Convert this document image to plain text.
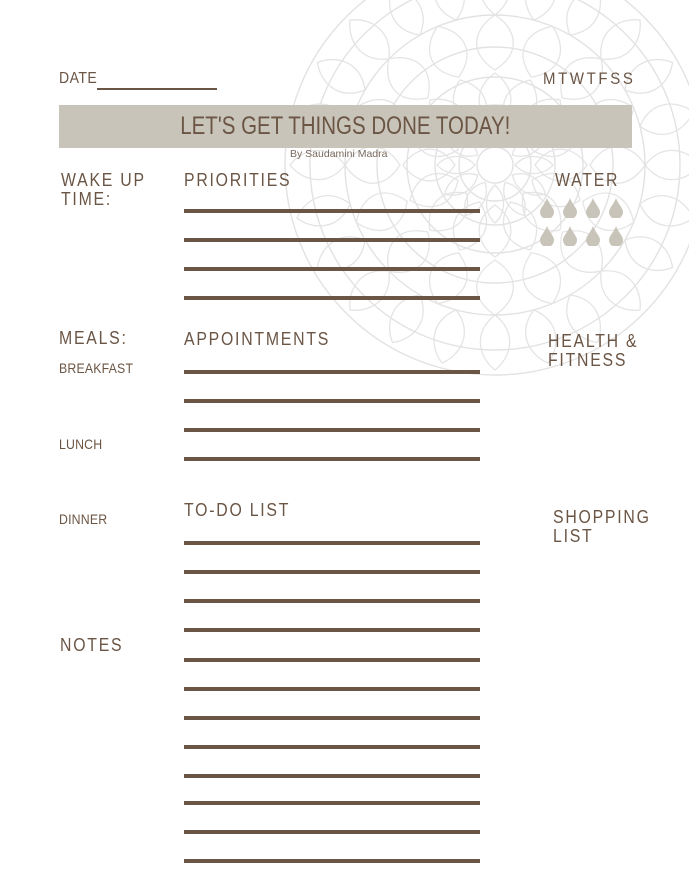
DATE	MTWTFSS
LET'S GET THINGS DONE TODAY!
By Saudamini Madra
WAKE UP
TIME:
MEALS:
BREAKFAST
LUNCH
DINNER
NOTES
PRIORITIES
APPOINTMENTS
TO-DO LIST
WATER
HEALTH &
FITNESS
SHOPPING
LIST
